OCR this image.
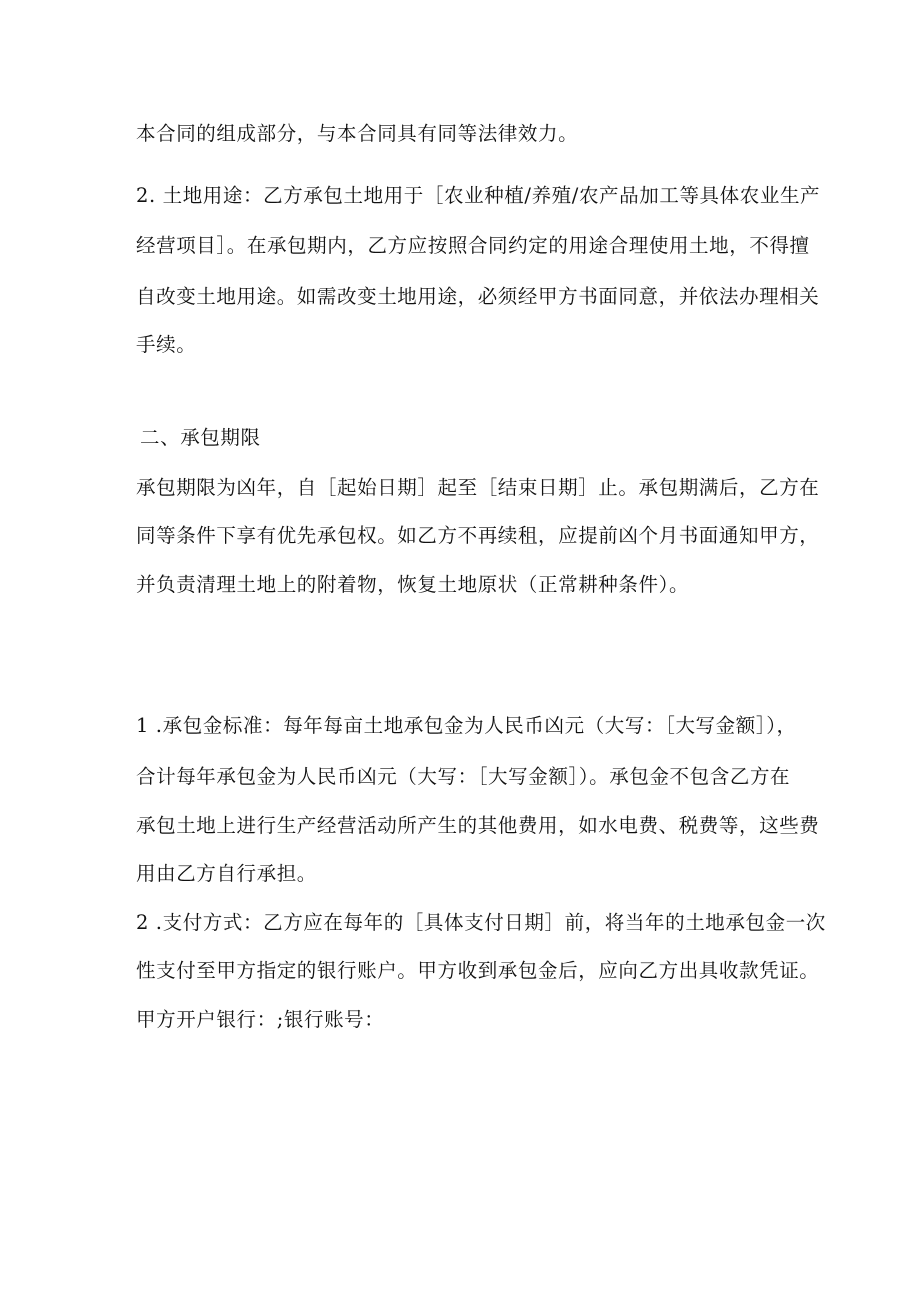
本合同的组成部分，与本合同具有同等法律效力。
2. 土地用途：乙方承包土地用于［农业种植/养殖/农产品加工等具体农业生产
经营项目］。在承包期内，乙方应按照合同约定的用途合理使用土地，不得擅
自改变土地用途。如需改变土地用途，必须经甲方书面同意，并依法办理相关
手续。
二、承包期限
承包期限为凶年，自［起始日期］起至［结束日期］止。承包期满后，乙方在
同等条件下享有优先承包权。如乙方不再续租，应提前凶个月书面通知甲方，
并负责清理土地上的附着物，恢复土地原状（正常耕种条件）。
1 .承包金标准：每年每亩土地承包金为人民币凶元（大写：［大写金额］），
合计每年承包金为人民币凶元（大写：［大写金额］）。承包金不包含乙方在
承包土地上进行生产经营活动所产生的其他费用，如水电费、税费等，这些费
用由乙方自行承担。
2 .支付方式：乙方应在每年的［具体支付日期］前，将当年的土地承包金一次
性支付至甲方指定的银行账户。甲方收到承包金后，应向乙方出具收款凭证。
甲方开户银行：;银行账号：
